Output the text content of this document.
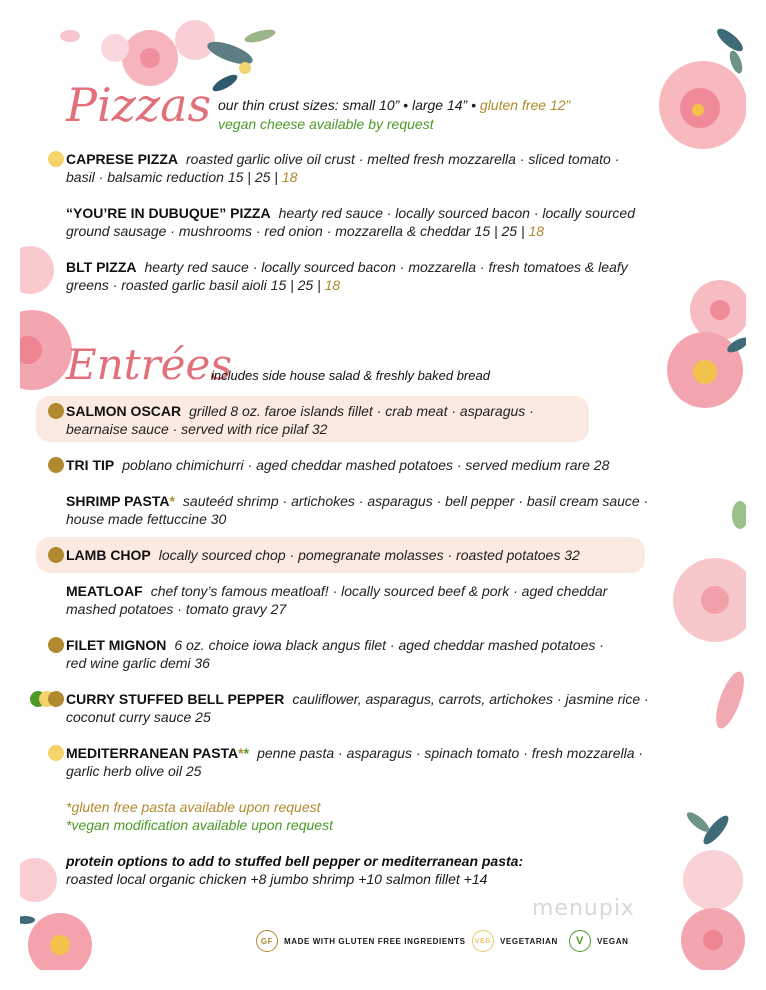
Pizzas our thin crust sizes: small 10” • large 14” • gluten free 12”
vegan cheese available by request
CAPRESE PIZZA roasted garlic olive oil crust · melted fresh mozzarella · sliced tomato ·
basil · balsamic reduction 15 | 25 | 18
“YOU’RE IN DUBUQUE” PIZZA hearty red sauce · locally sourced bacon · locally sourced
ground sausage · mushrooms · red onion · mozzarella & cheddar 15 | 25 | 18
BLT PIZZA hearty red sauce · locally sourced bacon · mozzarella · fresh tomatoes & leafy
greens · roasted garlic basil aioli 15 | 25 | 18
Entrées
includes side house salad & freshly baked bread
SALMON OSCAR grilled 8 oz. faroe islands fillet · crab meat · asparagus ·
bearnaise sauce · served with rice pilaf 32
TRI TIP poblano chimichurri · aged cheddar mashed potatoes · served medium rare 28
SHRIMP PASTA* sauteéd shrimp · artichokes · asparagus · bell pepper · basil cream sauce ·
house made fettuccine 30
LAMB CHOP locally sourced chop · pomegranate molasses · roasted potatoes 32
MEATLOAF chef tony’s famous meatloaf! · locally sourced beef & pork · aged cheddar
mashed potatoes · tomato gravy 27
FILET MIGNON 6 oz. choice iowa black angus filet · aged cheddar mashed potatoes ·
red wine garlic demi 36
CURRY STUFFED BELL PEPPER cauliflower, asparagus, carrots, artichokes · jasmine rice ·
coconut curry sauce 25
MEDITERRANEAN PASTA** penne pasta · asparagus · spinach tomato · fresh mozzarella ·
garlic herb olive oil 25
*gluten free pasta available upon request
*vegan modification available upon request
protein options to add to stuffed bell pepper or mediterranean pasta:
roasted local organic chicken +8 jumbo shrimp +10 salmon fillet +14
menupix
GF	MADE WITH GLUTEN FREE INGREDIENTS	VEG	VEGETARIAN	V	VEGAN
